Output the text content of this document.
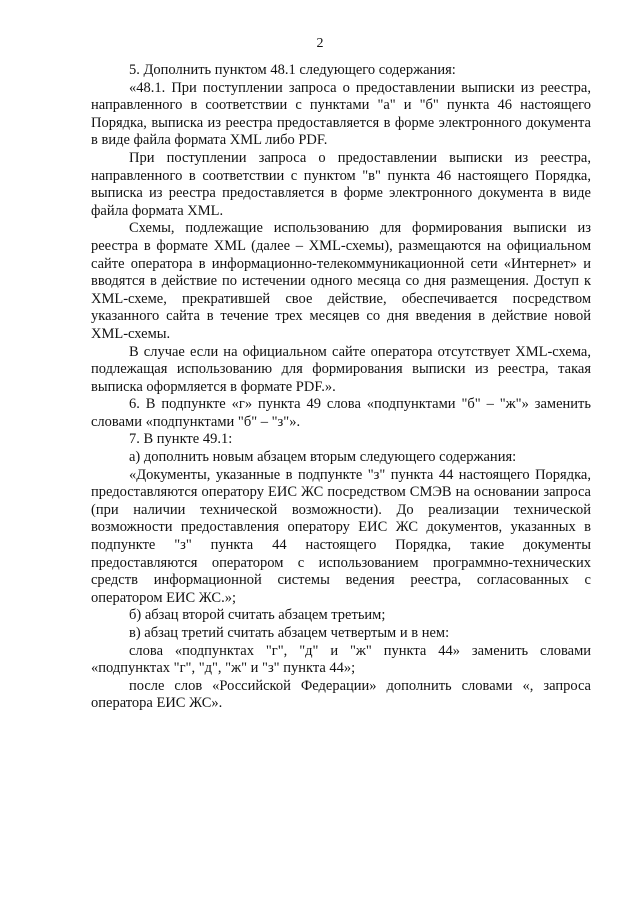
2

5. Дополнить пунктом 48.1 следующего содержания:

«48.1. При поступлении запроса о предоставлении выписки из реестра, направленного в соответствии с пунктами "а" и "б" пункта 46 настоящего Порядка, выписка из реестра предоставляется в форме электронного документа в виде файла формата XML либо PDF.

При поступлении запроса о предоставлении выписки из реестра, направленного в соответствии с пунктом "в" пункта 46 настоящего Порядка, выписка из реестра предоставляется в форме электронного документа в виде файла формата XML.

Схемы, подлежащие использованию для формирования выписки из реестра в формате XML (далее – XML-схемы), размещаются на официальном сайте оператора в информационно-телекоммуникационной сети «Интернет» и вводятся в действие по истечении одного месяца со дня размещения. Доступ к XML-схеме, прекратившей свое действие, обеспечивается посредством указанного сайта в течение трех месяцев со дня введения в действие новой XML-схемы.

В случае если на официальном сайте оператора отсутствует XML-схема, подлежащая использованию для формирования выписки из реестра, такая выписка оформляется в формате PDF.».

6. В подпункте «г» пункта 49 слова «подпунктами "б" – "ж"» заменить словами «подпунктами "б" – "з"».

7. В пункте 49.1:

а) дополнить новым абзацем вторым следующего содержания:

«Документы, указанные в подпункте "з" пункта 44 настоящего Порядка, предоставляются оператору ЕИС ЖС посредством СМЭВ на основании запроса (при наличии технической возможности). До реализации технической возможности предоставления оператору ЕИС ЖС документов, указанных в подпункте "з" пункта 44 настоящего Порядка, такие документы предоставляются оператором с использованием программно-технических средств информационной системы ведения реестра, согласованных с оператором ЕИС ЖС.»;

б) абзац второй считать абзацем третьим;

в) абзац третий считать абзацем четвертым и в нем:

слова «подпунктах "г", "д" и "ж" пункта 44» заменить словами «подпунктах "г", "д", "ж" и "з" пункта 44»;

после слов «Российской Федерации» дополнить словами «, запроса оператора ЕИС ЖС».
